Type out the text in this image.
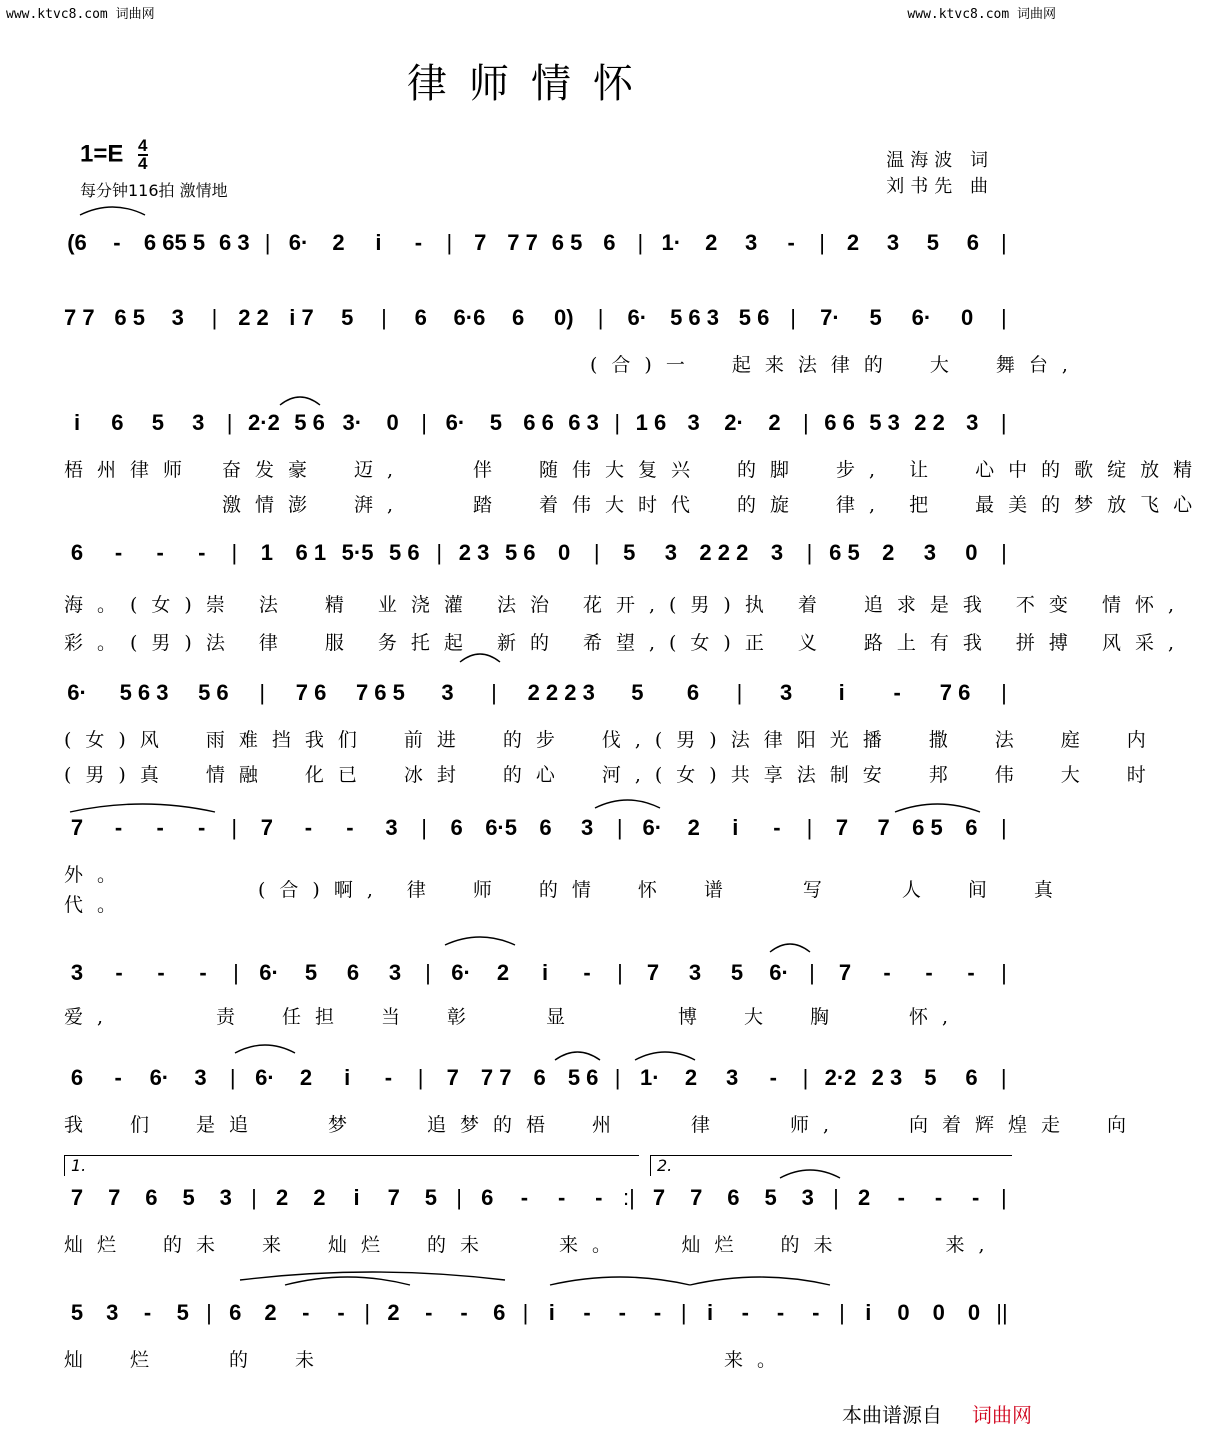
www.ktvc8.com 词曲网	www.ktvc8.com 词曲网
律师情怀
$1=E \frac{4}{4}$
每分钟116拍 激情地
温海波 词
刘书先 曲
(6	-	6 65 5 6 3 | 6·	2	i	-	| 7 7 7 6 5 6 | 1·	2	3	-	| 2	3	5	6 |
7 7 6 5	3	| 2 2 i 7	5	|	6	6·6	6	0) | 6· 5 6 3 5 6 | 7·	5	6·	0	|
(合)一　起来法律的　大　舞台,
i	6	5	3	| 2·2 5 6 3·	0	| 6·	5 6 6 6 3 | 1 6 3	2·	2	| 6 6 5 3 2 2 3	|
梧州律师
激情澎　湃,　　踏　着伟大时代　的旋　律, 把　最美的梦放飞心
奋发豪　迈,　　伴　随伟大复兴　的脚　步, 让　心中的歌绽放精
6	-	-	-	|	1	6 1 5·5 5 6 | 2 3 5 6	0	|	5	3	2 2 2	3	| 6 5	2	3	0	|
海。(女)崇 法　精 业浇灌 法治 花开,(男)执 着　追求是我 不变 情怀,
彩。(男)法 律　服 务托起 新的 希望,(女)正 义　路上有我 拼搏 风采,
6· 5 6 3 5 6 | 7 6 7 6 5	3	| 2 2 2 3	5	6	|	3	i	-	7 6 |
(女)风　雨难挡我们　前进　的步　伐,(男)法律阳光播　撒　法　庭　内
(男)真　情融　化已　冰封　的心　河,(女)共享法制安　邦　伟　大　时
7	-	-	-	|	7	-	-	3	|	6	6·5	6	3	| 6·	2	i	-	|	7	7	6 5	6	|
外。
代。
(合)啊, 律　师　的情　怀　谱　　写　　人　间　真
3	-	-	-	| 6·	5	6	3	| 6·	2	i	-	|	7	3	5	6· |	7	-	-	-	|
爱,　　　责　任担　当　彰　　显　　　博　大　胸　　怀,
6	-	6·	3	| 6·	2	i	-	|	7	7 7	6	5 6 | 1·	2	3	-	| 2·2 2 3	5	6	|
我　们　是追　　梦　　追梦的梧　州　　律　　师,　　向着辉煌走　向
7	7	6	5	3 | 2	2	i	7	5 | 6	-	-	- :| 7	7	6	5	3 | 2	-	-	- |
灿烂　的未　来　灿烂　的未　　来。　　灿烂　的未　　　来,
1.	2.
5	3	-	5 | 6	2	-	- | 2	-	-	6 | i	-	-	- | i	-	-	- | i	0	0	0 ||
灿　烂　　的　未　　　　　　　　　　　　来。
本曲谱源自 词曲网
